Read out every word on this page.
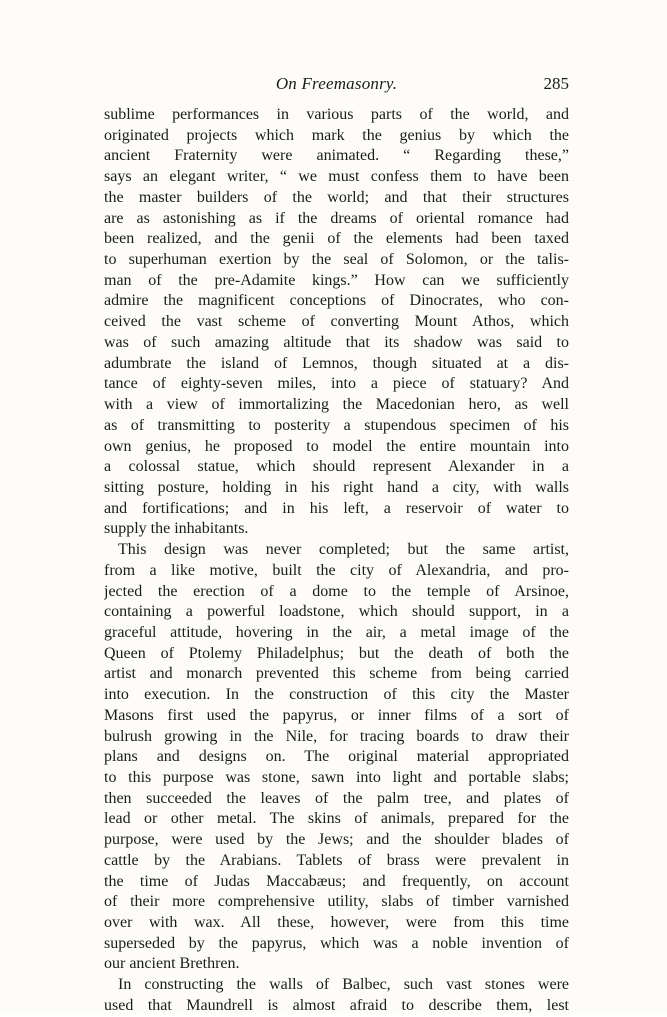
On Freemasonry.	285
sublime performances in various parts of the world, and
originated projects which mark the genius by which the
ancient Fraternity were animated. “ Regarding these,”
says an elegant writer, “ we must confess them to have been
the master builders of the world; and that their structures
are as astonishing as if the dreams of oriental romance had
been realized, and the genii of the elements had been taxed
to superhuman exertion by the seal of Solomon, or the talis-
man of the pre-Adamite kings.” How can we sufficiently
admire the magnificent conceptions of Dinocrates, who con-
ceived the vast scheme of converting Mount Athos, which
was of such amazing altitude that its shadow was said to
adumbrate the island of Lemnos, though situated at a dis-
tance of eighty-seven miles, into a piece of statuary? And
with a view of immortalizing the Macedonian hero, as well
as of transmitting to posterity a stupendous specimen of his
own genius, he proposed to model the entire mountain into
a colossal statue, which should represent Alexander in a
sitting posture, holding in his right hand a city, with walls
and fortifications; and in his left, a reservoir of water to
supply the inhabitants.
This design was never completed; but the same artist,
from a like motive, built the city of Alexandria, and pro-
jected the erection of a dome to the temple of Arsinoe,
containing a powerful loadstone, which should support, in a
graceful attitude, hovering in the air, a metal image of the
Queen of Ptolemy Philadelphus; but the death of both the
artist and monarch prevented this scheme from being carried
into execution. In the construction of this city the Master
Masons first used the papyrus, or inner films of a sort of
bulrush growing in the Nile, for tracing boards to draw their
plans and designs on. The original material appropriated
to this purpose was stone, sawn into light and portable slabs;
then succeeded the leaves of the palm tree, and plates of
lead or other metal. The skins of animals, prepared for the
purpose, were used by the Jews; and the shoulder blades of
cattle by the Arabians. Tablets of brass were prevalent in
the time of Judas Maccabæus; and frequently, on account
of their more comprehensive utility, slabs of timber varnished
over with wax. All these, however, were from this time
superseded by the papyrus, which was a noble invention of
our ancient Brethren.
In constructing the walls of Balbec, such vast stones were
used that Maundrell is almost afraid to describe them, lest
